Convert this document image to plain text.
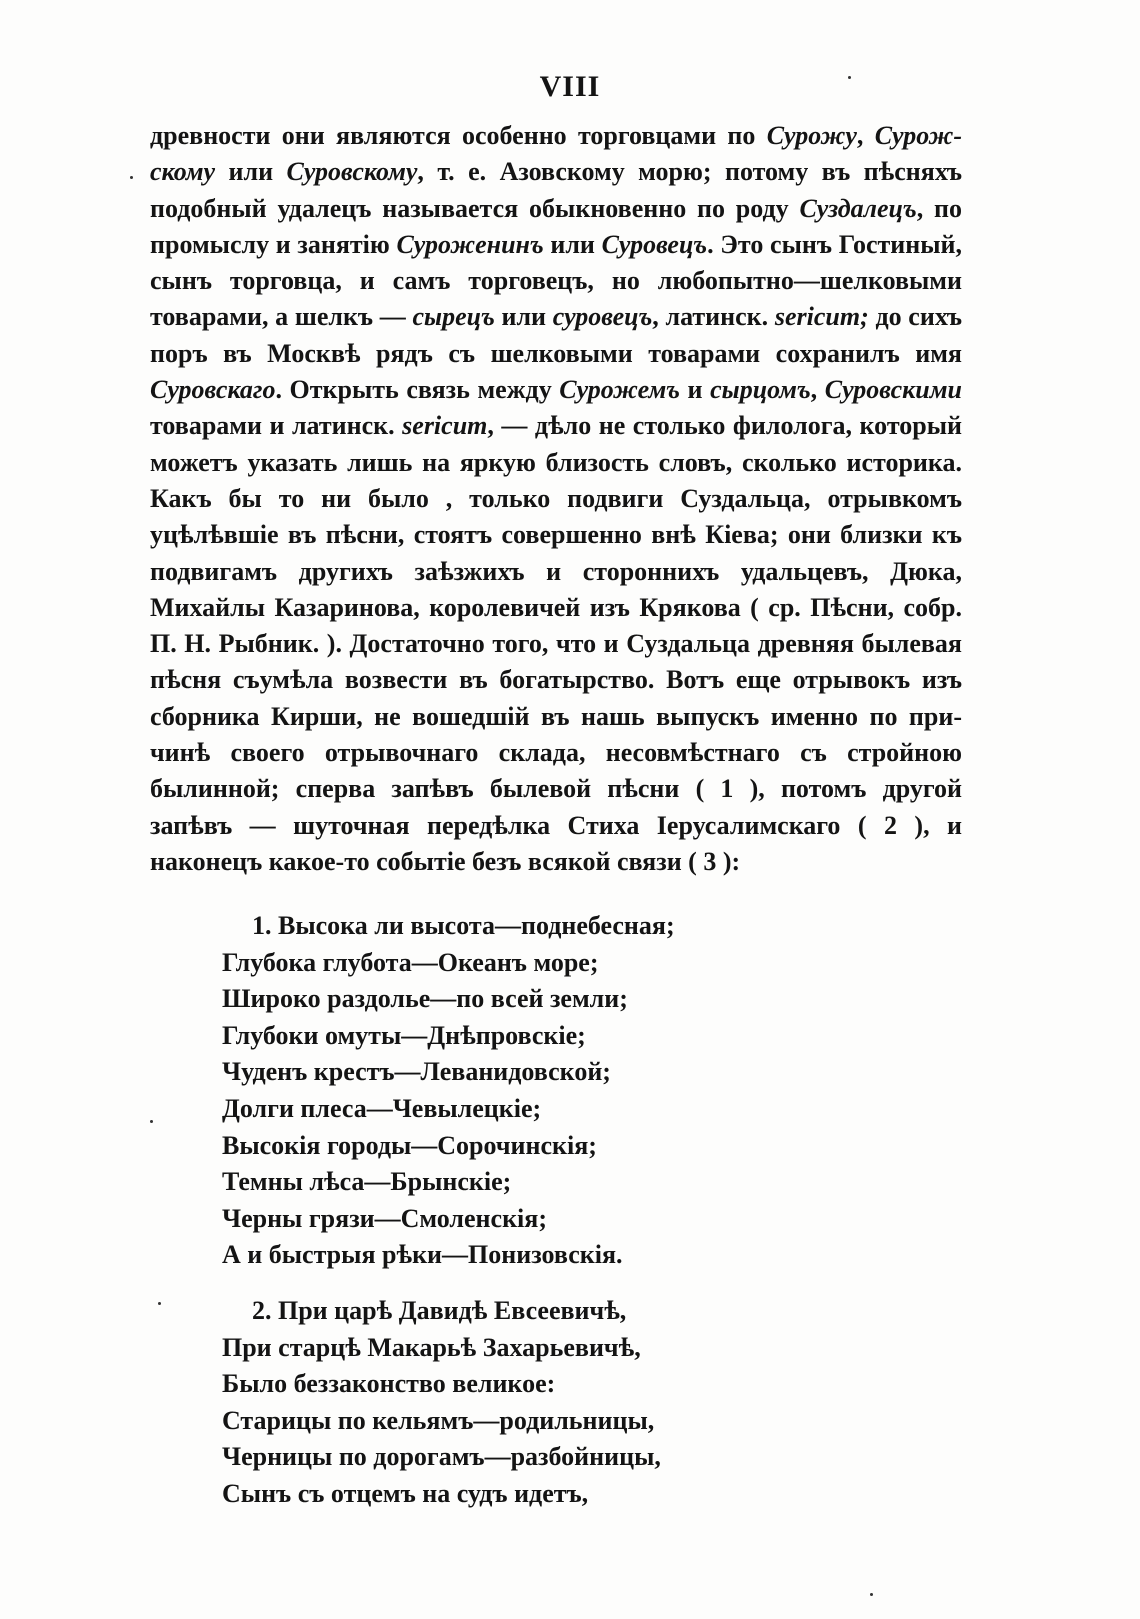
VIII

древности они являются особенно торговцами по Сурожу, Сурожскому или Суровскому, т. е. Азовскому морю; потому въ пѣсняхъ подобный удалецъ называется обыкновенно по роду Суздалецъ, по промыслу и занятію Сурожeнинъ или Суровецъ. Это сынъ Гостиный, сынъ торговца, и самъ торговецъ, но любопытно—шелковыми товарами, а шелкъ — сырецъ или суровецъ, латинск. sericum; до сихъ поръ въ Москвѣ рядъ съ шелковыми товарами сохранилъ имя Суровскаго. Открыть связь между Сурожемъ и сырцомъ, Суровскими товарами и латинск. sericum, — дѣло не столько филолога, который можетъ указать лишь на яркую близость словъ, сколько историка. Какъ бы то ни было , только подвиги Суздальца, отрывкомъ уцѣлѣвшіе въ пѣсни, стоятъ совершенно внѣ Кіева; они близки къ подвигамъ другихъ заѣзжихъ и стороннихъ удальцевъ, Дюка, Михайлы Казаринова, королевичей изъ Крякова ( ср. Пѣсни, собр. П. Н. Рыбник. ). Достаточно того, что и Суздальца древняя былевая пѣсня съумѣла возвести въ богатырство. Вотъ еще отрывокъ изъ сборника Кирши, не вошедшій въ нашь выпускъ именно по причинѣ своего отрывочнаго склада, несовмѣстнаго съ стройною былинной; сперва запѣвъ былевой пѣсни ( 1 ), потомъ другой запѣвъ — шуточная передѣлка Стиха Іерусалимскаго ( 2 ), и наконецъ какое-то событіе безъ всякой связи ( 3 ):

1. Высока ли высота—поднебесная;
Глубока глубота—Океанъ море;
Широко раздолье—по всей земли;
Глубоки омуты—Днѣпровскіе;
Чуденъ крестъ—Леванидовской;
Долги плеса—Чевылецкіе;
Высокія городы—Сорочинскія;
Темны лѣса—Брынскіе;
Черны грязи—Смоленскія;
А и быстрыя рѣки—Понизовскія.
2. При царѣ Давидѣ Евсеевичѣ,
При старцѣ Макарьѣ Захарьевичѣ,
Было беззаконство великое:
Старицы по кельямъ—родильницы,
Черницы по дорогамъ—разбойницы,
Сынъ съ отцемъ на судъ идетъ,
